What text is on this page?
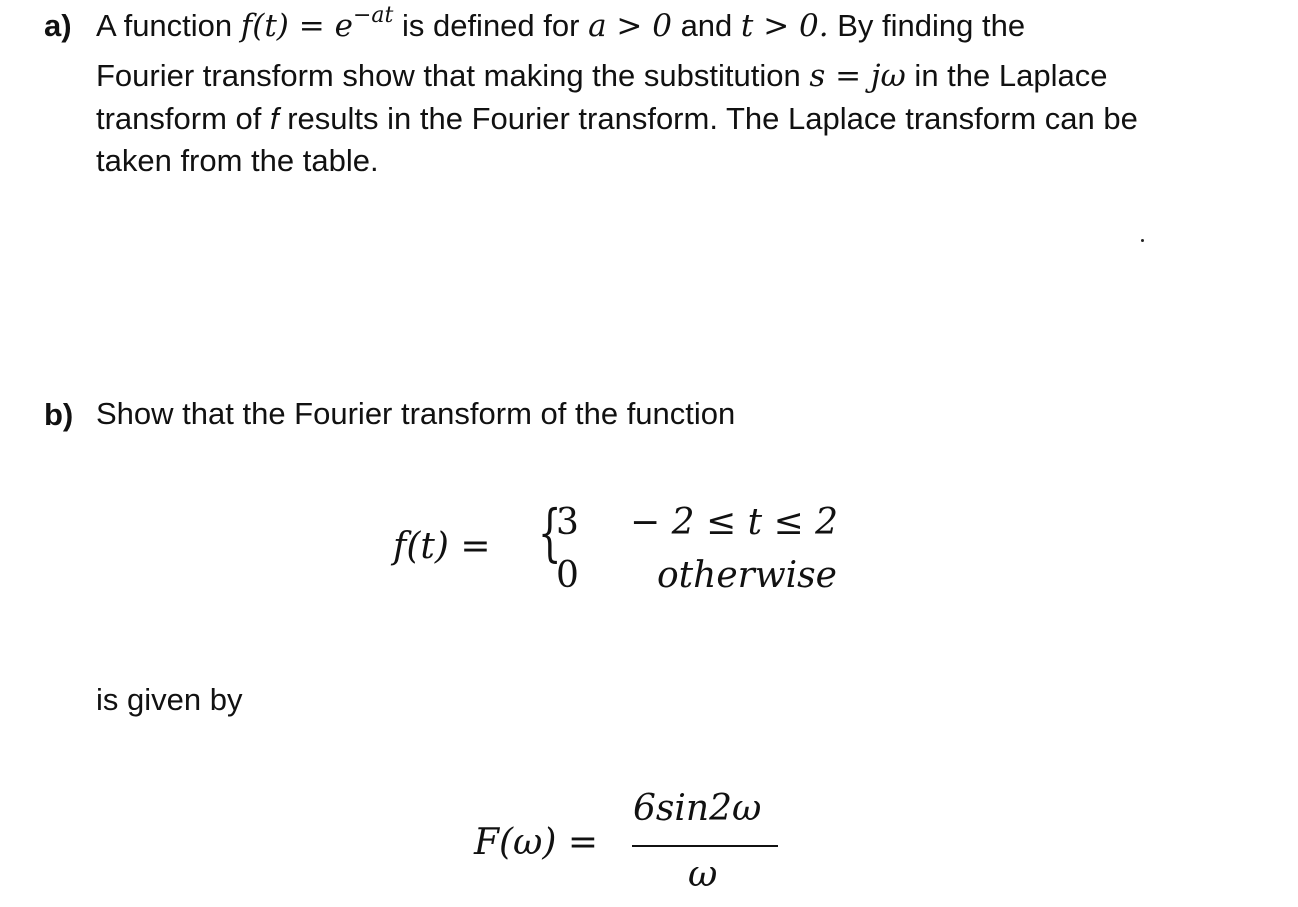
a) A function $f(t) = e^{-at}$ is defined for a > 0 and t > 0. By finding the
Fourier transform show that making the substitution s = jω in the Laplace
transform of f results in the Fourier transform. The Laplace transform can be
taken from the table.
b) Show that the Fourier transform of the function
f(t) = {
3
0
− 2 ≤ t ≤ 2
otherwise
is given by
F(ω) =
6sin2ω
ω
